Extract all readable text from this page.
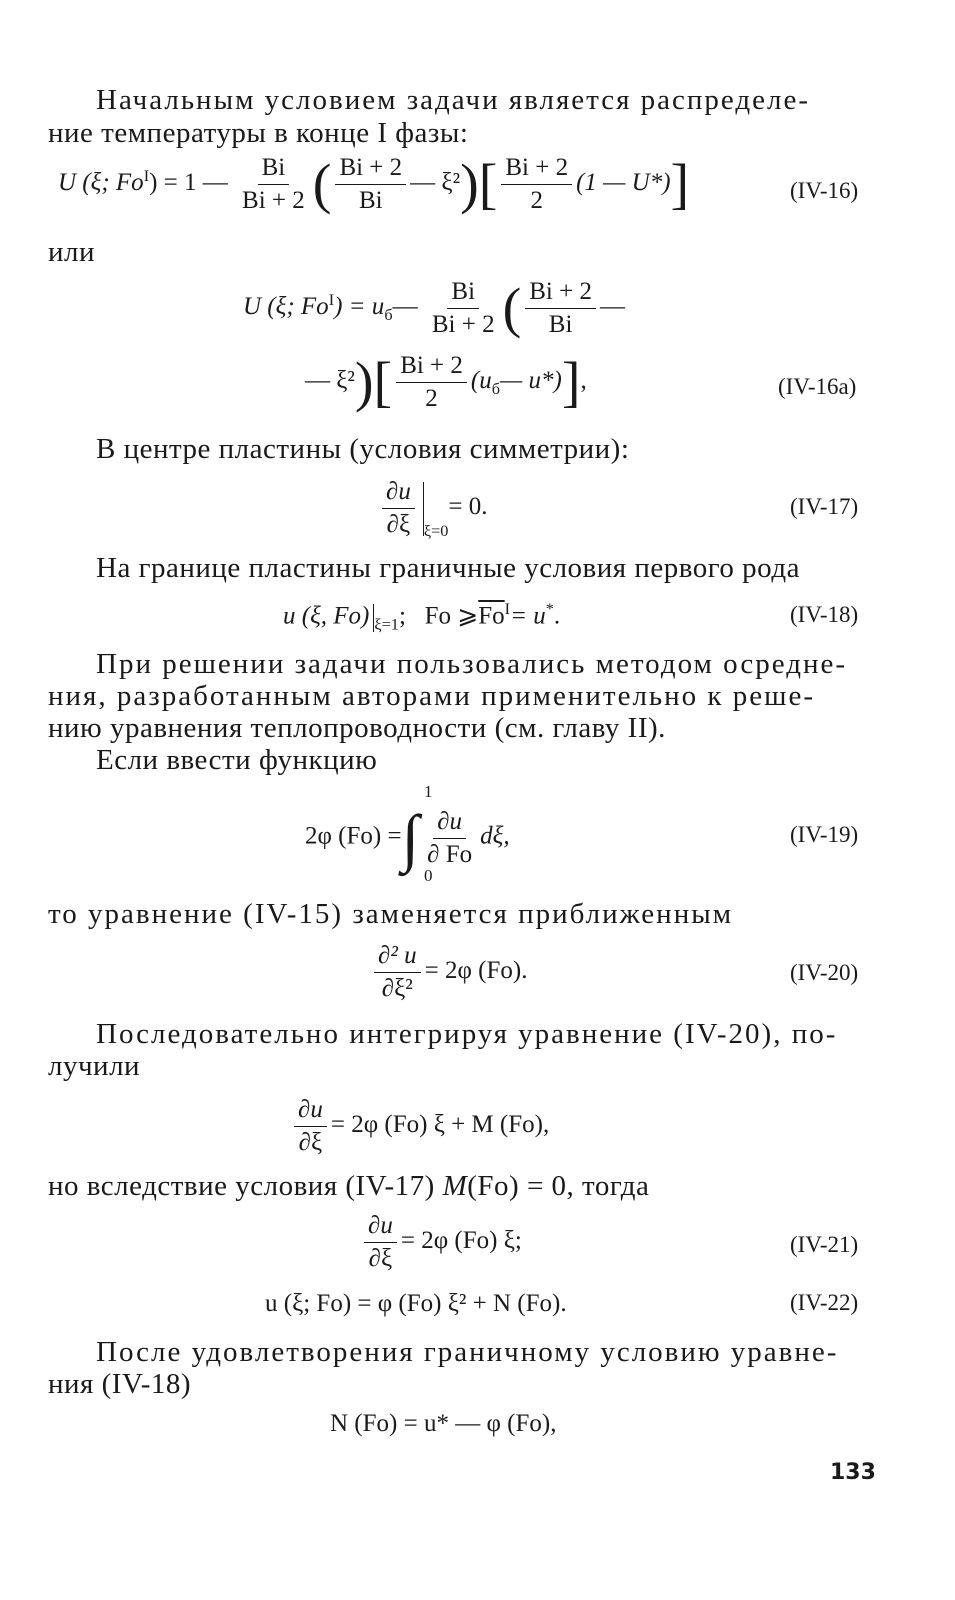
Начальным условием задачи является распределе-
ние температуры в конце I фазы:
U (ξ; $Fo^I) = 1$ — $\frac{Bi}{Bi + 2}$ ( $\frac{Bi + 2}{Bi}$ — $\xi^2)[ \frac{Bi + 2}{2} (1$ — U*)]	(IV-16)
или
U (ξ; $Fo^I$) = $u_б— \frac{Bi}{Bi + 2}$ ( $\frac{Bi + 2}{Bi}$ —
— $\xi^2)[ \frac{Bi + 2}{2}$ ($u_б—$ u*)],	(IV-16a)
В центре пластины (условия симметрии):
$\frac{\partial u}{\partial\xi} _{\xi=0}= 0$.	(IV-17)
На границе пластины граничные условия первого рода
u (ξ, Fo) $_{\xi=1}$; Fo $⩾\overline{Fo}^I= u^*$.	(IV-18)
При решении задачи пользовались методом осредне-
ния, разработанным авторами применительно к реше-
нию уравнения теплопроводности (см. главу II).
Если ввести функцию
2φ (Fo) =∫ $\frac{\partial u}{\partial Fo} d\xi$,
1
0
(IV-19)
то уравнение (IV-15) заменяется приближенным
$\frac{\text{∂² u}}{\text{∂ξ²}} = 2\varphi$ (Fo).	(IV-20)
Последовательно интегрируя уравнение (IV-20), по-
лучили
$\frac{\partial u}{\partial\xi} = 2\varphi$ (Fo) ξ + M (Fo),
но вследствие условия (IV-17) M(Fo) = 0, тогда
$\frac{\partial u}{\partial\xi} = 2\varphi$ (Fo) ξ;	(IV-21)
u (ξ; Fo) = φ (Fo) ξ² + N (Fo).	(IV-22)
После удовлетворения граничному условию уравне-
ния (IV-18)
N (Fo) = u* — φ (Fo),
133
